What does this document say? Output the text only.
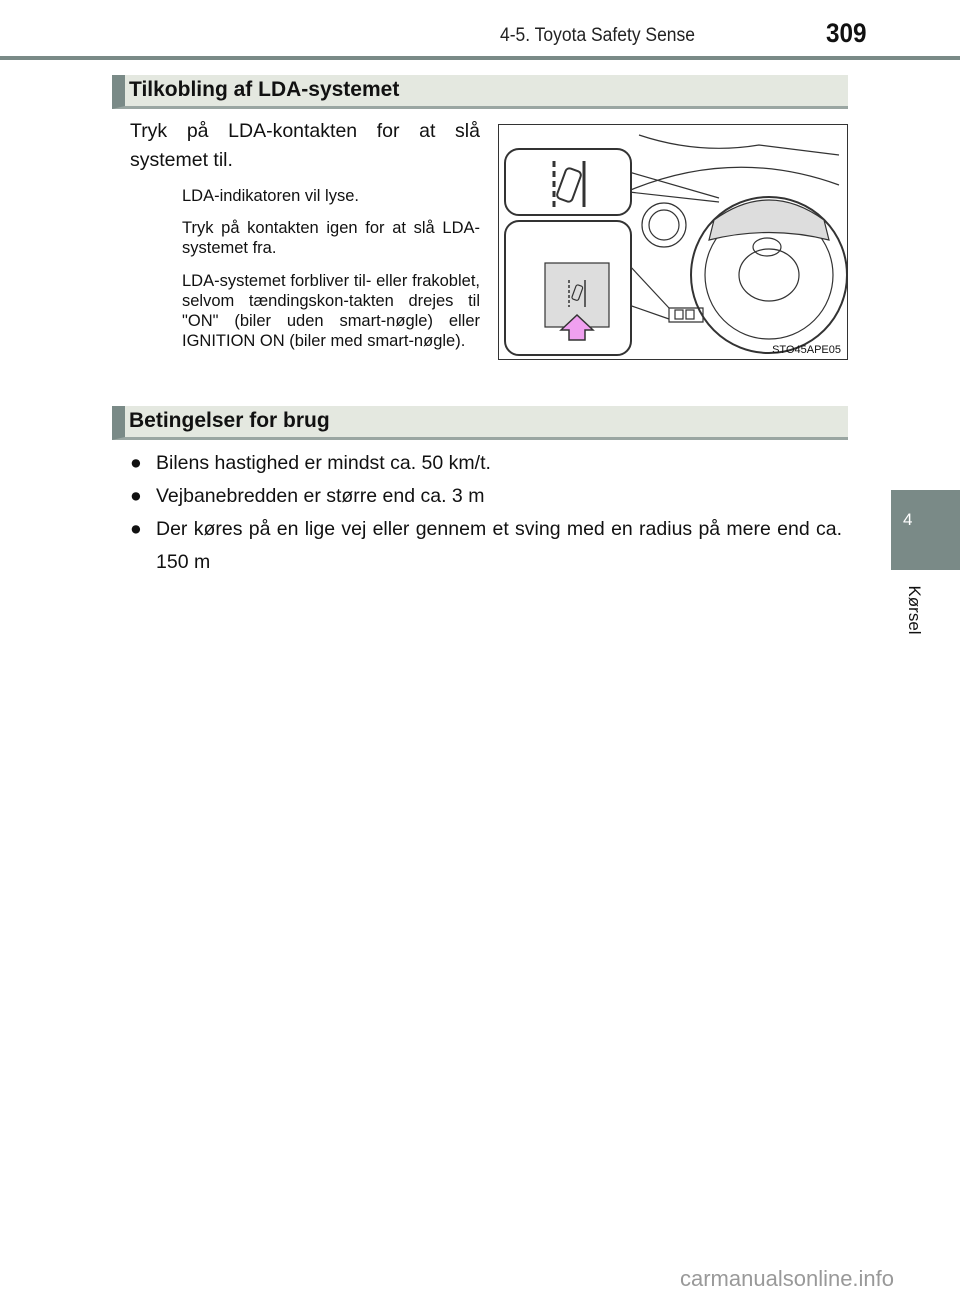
4-5. Toyota Safety Sense	309
Tilkobling af LDA-systemet
Tryk på LDA-kontakten for at slå systemet til.
LDA-indikatoren vil lyse.
Tryk på kontakten igen for at slå LDA-systemet fra.
LDA-systemet forbliver til- eller frakoblet, selvom tændingskon-takten drejes til "ON" (biler uden smart-nøgle) eller IGNITION ON (biler med smart-nøgle).	STO45APE05
Betingelser for brug
● Bilens hastighed er mindst ca. 50 km/t.
● Vejbanebredden er større end ca. 3 m
● Der køres på en lige vej eller gennem et sving med en radius på mere end ca. 150 m
4
Kørsel
carmanualsonline.info
